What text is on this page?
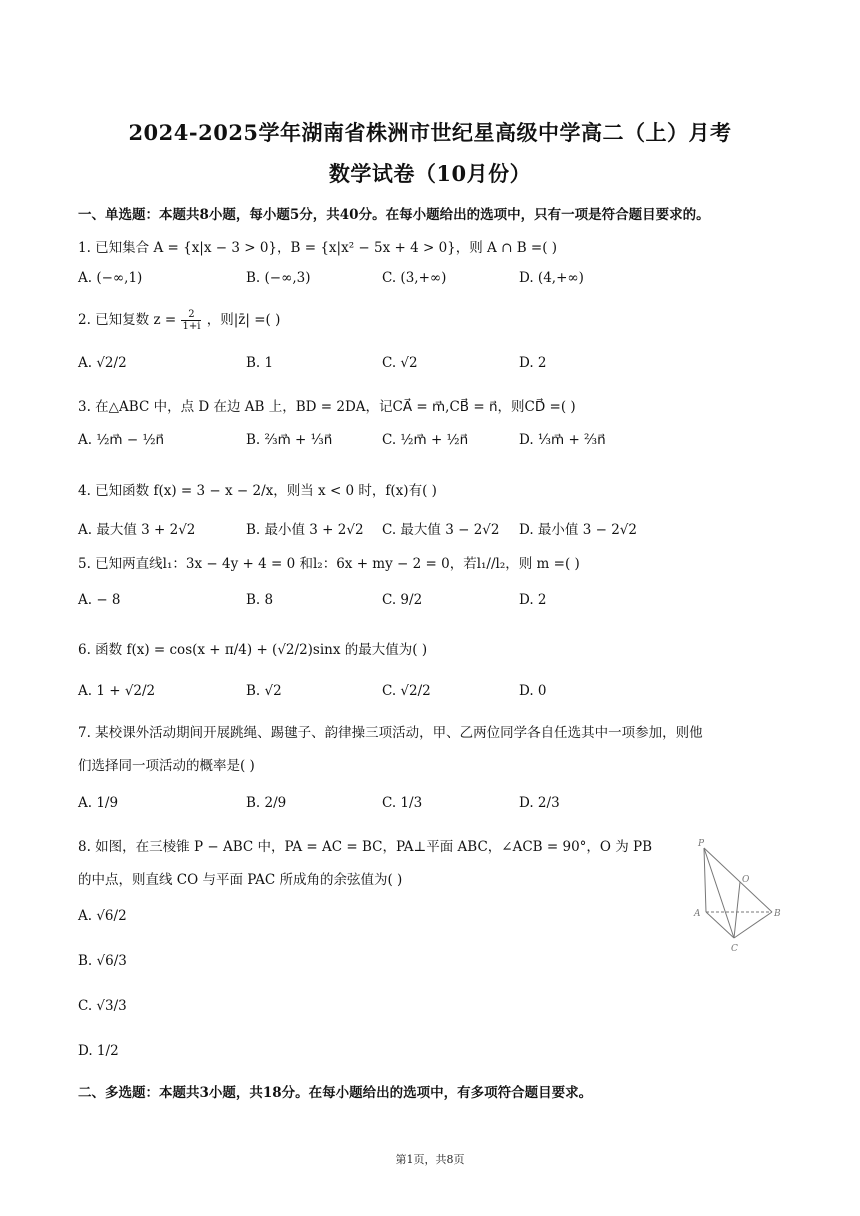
2024-2025学年湖南省株洲市世纪星高级中学高二（上）月考
数学试卷（10月份）
一、单选题：本题共8小题，每小题5分，共40分。在每小题给出的选项中，只有一项是符合题目要求的。
1. 已知集合 A = {x|x − 3 > 0}，B = {x|x² − 5x + 4 > 0}，则 A ∩ B =( )
A. (−∞,1)	B. (−∞,3)	C. (3,+∞)	D. (4,+∞)
2. 已知复数 $z = \frac{2}{1+i}$ ，则|z̄| =( )
A. √2/2	B. 1	C. √2	D. 2
3. 在△ABC 中，点 D 在边 AB 上，BD = 2DA，记CA⃗ = m⃗,CB⃗ = n⃗，则CD⃗ =( )
A. ½m⃗ − ½n⃗	B. ⅔m⃗ + ⅓n⃗	C. ½m⃗ + ½n⃗	D. ⅓m⃗ + ⅔n⃗
4. 已知函数 f(x) = 3 − x − 2/x，则当 x < 0 时，f(x)有( )
A. 最大值 3 + 2√2	B. 最小值 3 + 2√2 C. 最大值 3 − 2√2 D. 最小值 3 − 2√2
5. 已知两直线l₁：3x − 4y + 4 = 0 和l₂：6x + my − 2 = 0，若l₁//l₂，则 m =( )
A. − 8	B. 8	C. 9/2	D. 2
6. 函数 f(x) = cos(x + π/4) + (√2/2)sinx 的最大值为( )
A. 1 + √2/2	B. √2	C. √2/2	D. 0
7. 某校课外活动期间开展跳绳、踢毽子、韵律操三项活动，甲、乙两位同学各自任选其中一项参加，则他
们选择同一项活动的概率是( )
A. 1/9	B. 2/9	C. 1/3	D. 2/3
8. 如图，在三棱锥 P − ABC 中，PA = AC = BC，PA⊥平面 ABC，∠ACB = 90°，O 为 PB
的中点，则直线 CO 与平面 PAC 所成角的余弦值为( )
A. √6/2
B. √6/3
C. √3/3
D. 1/2
P
O
A	B
C
二、多选题：本题共3小题，共18分。在每小题给出的选项中，有多项符合题目要求。
第1页，共8页
